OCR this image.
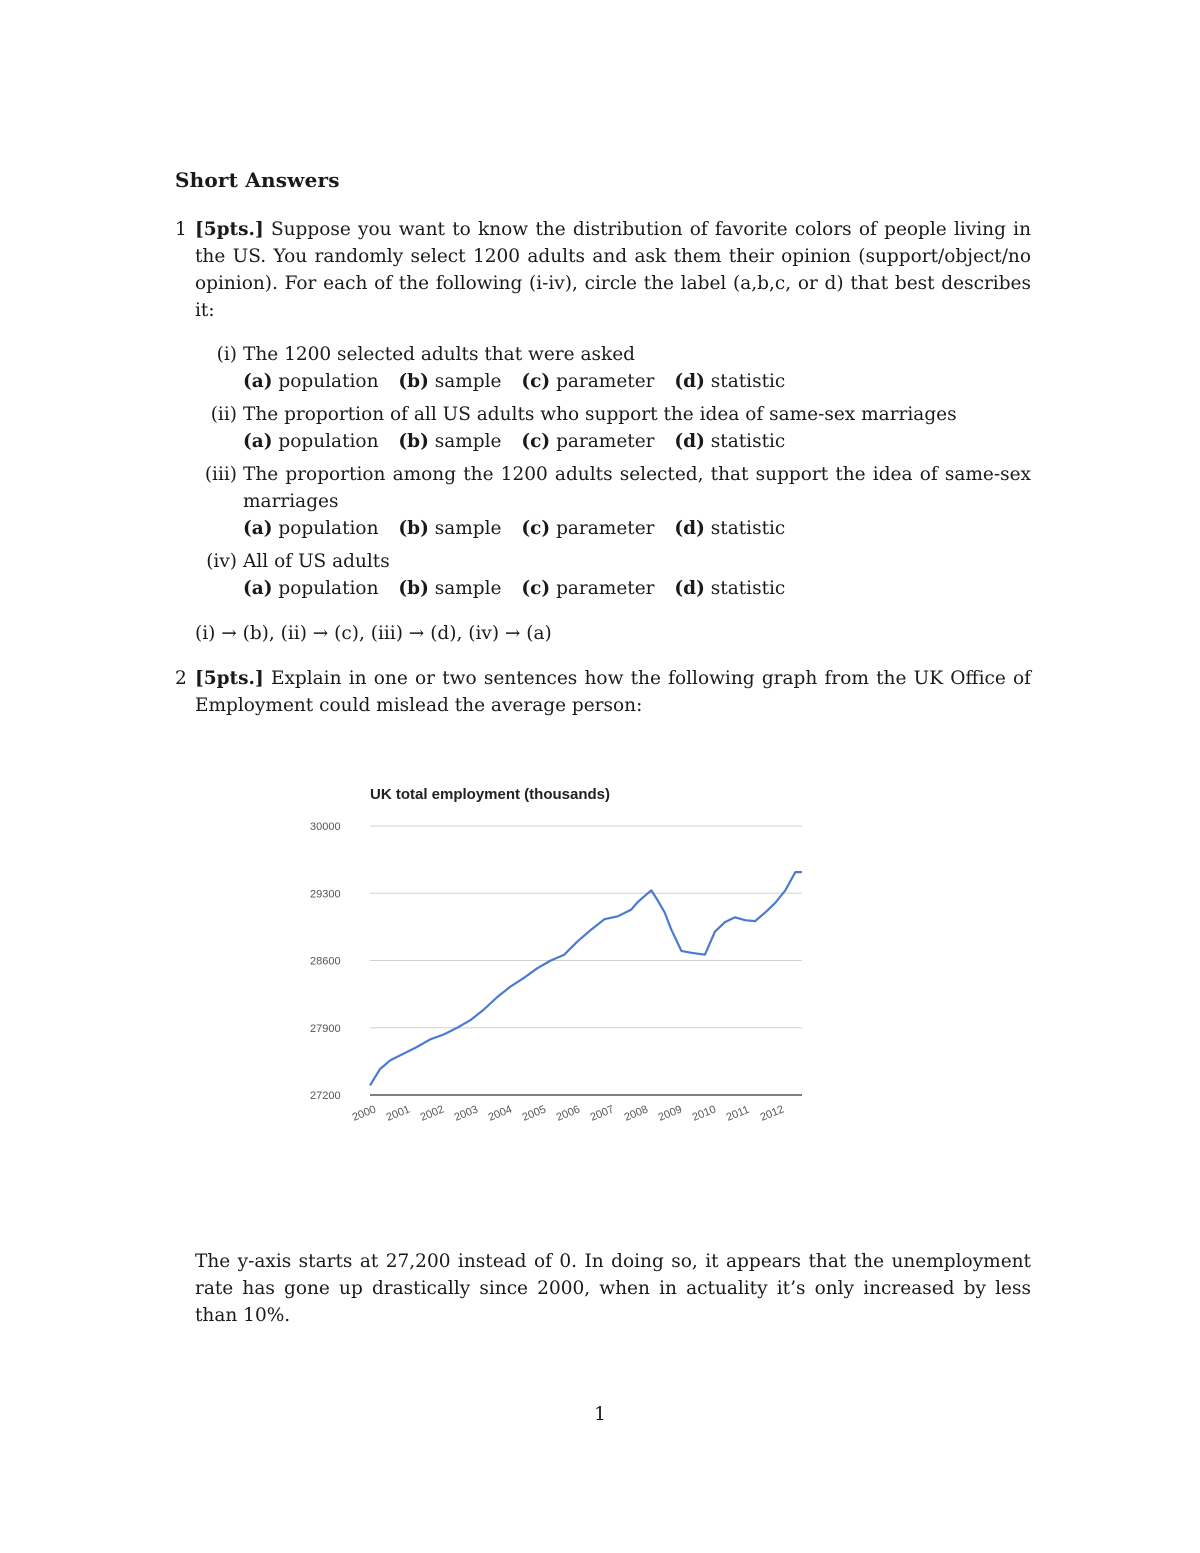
Short Answers
1 [5pts.] Suppose you want to know the distribution of favorite colors of people living in the US. You randomly select 1200 adults and ask them their opinion (support/object/no opinion). For each of the following (i-iv), circle the label (a,b,c, or d) that best describes it:
(i) The 1200 selected adults that were asked
(a) population (b) sample (c) parameter (d) statistic
(ii) The proportion of all US adults who support the idea of same-sex marriages
(a) population (b) sample (c) parameter (d) statistic
(iii) The proportion among the 1200 adults selected, that support the idea of same-sex marriages
(a) population (b) sample (c) parameter (d) statistic
(iv) All of US adults
(a) population (b) sample (c) parameter (d) statistic
(i) → (b), (ii) → (c), (iii) → (d), (iv) → (a)
2 [5pts.] Explain in one or two sentences how the following graph from the UK Office of Employment could mislead the average person:
UK total employment (thousands)
30000
29300
28600
27900
27200
2000 2001 2002 2003 2004 2005 2006 2007 2008 2009 2010 2011 2012
The y-axis starts at 27,200 instead of 0. In doing so, it appears that the unemployment rate has gone up drastically since 2000, when in actuality it’s only increased by less than 10%.
1
